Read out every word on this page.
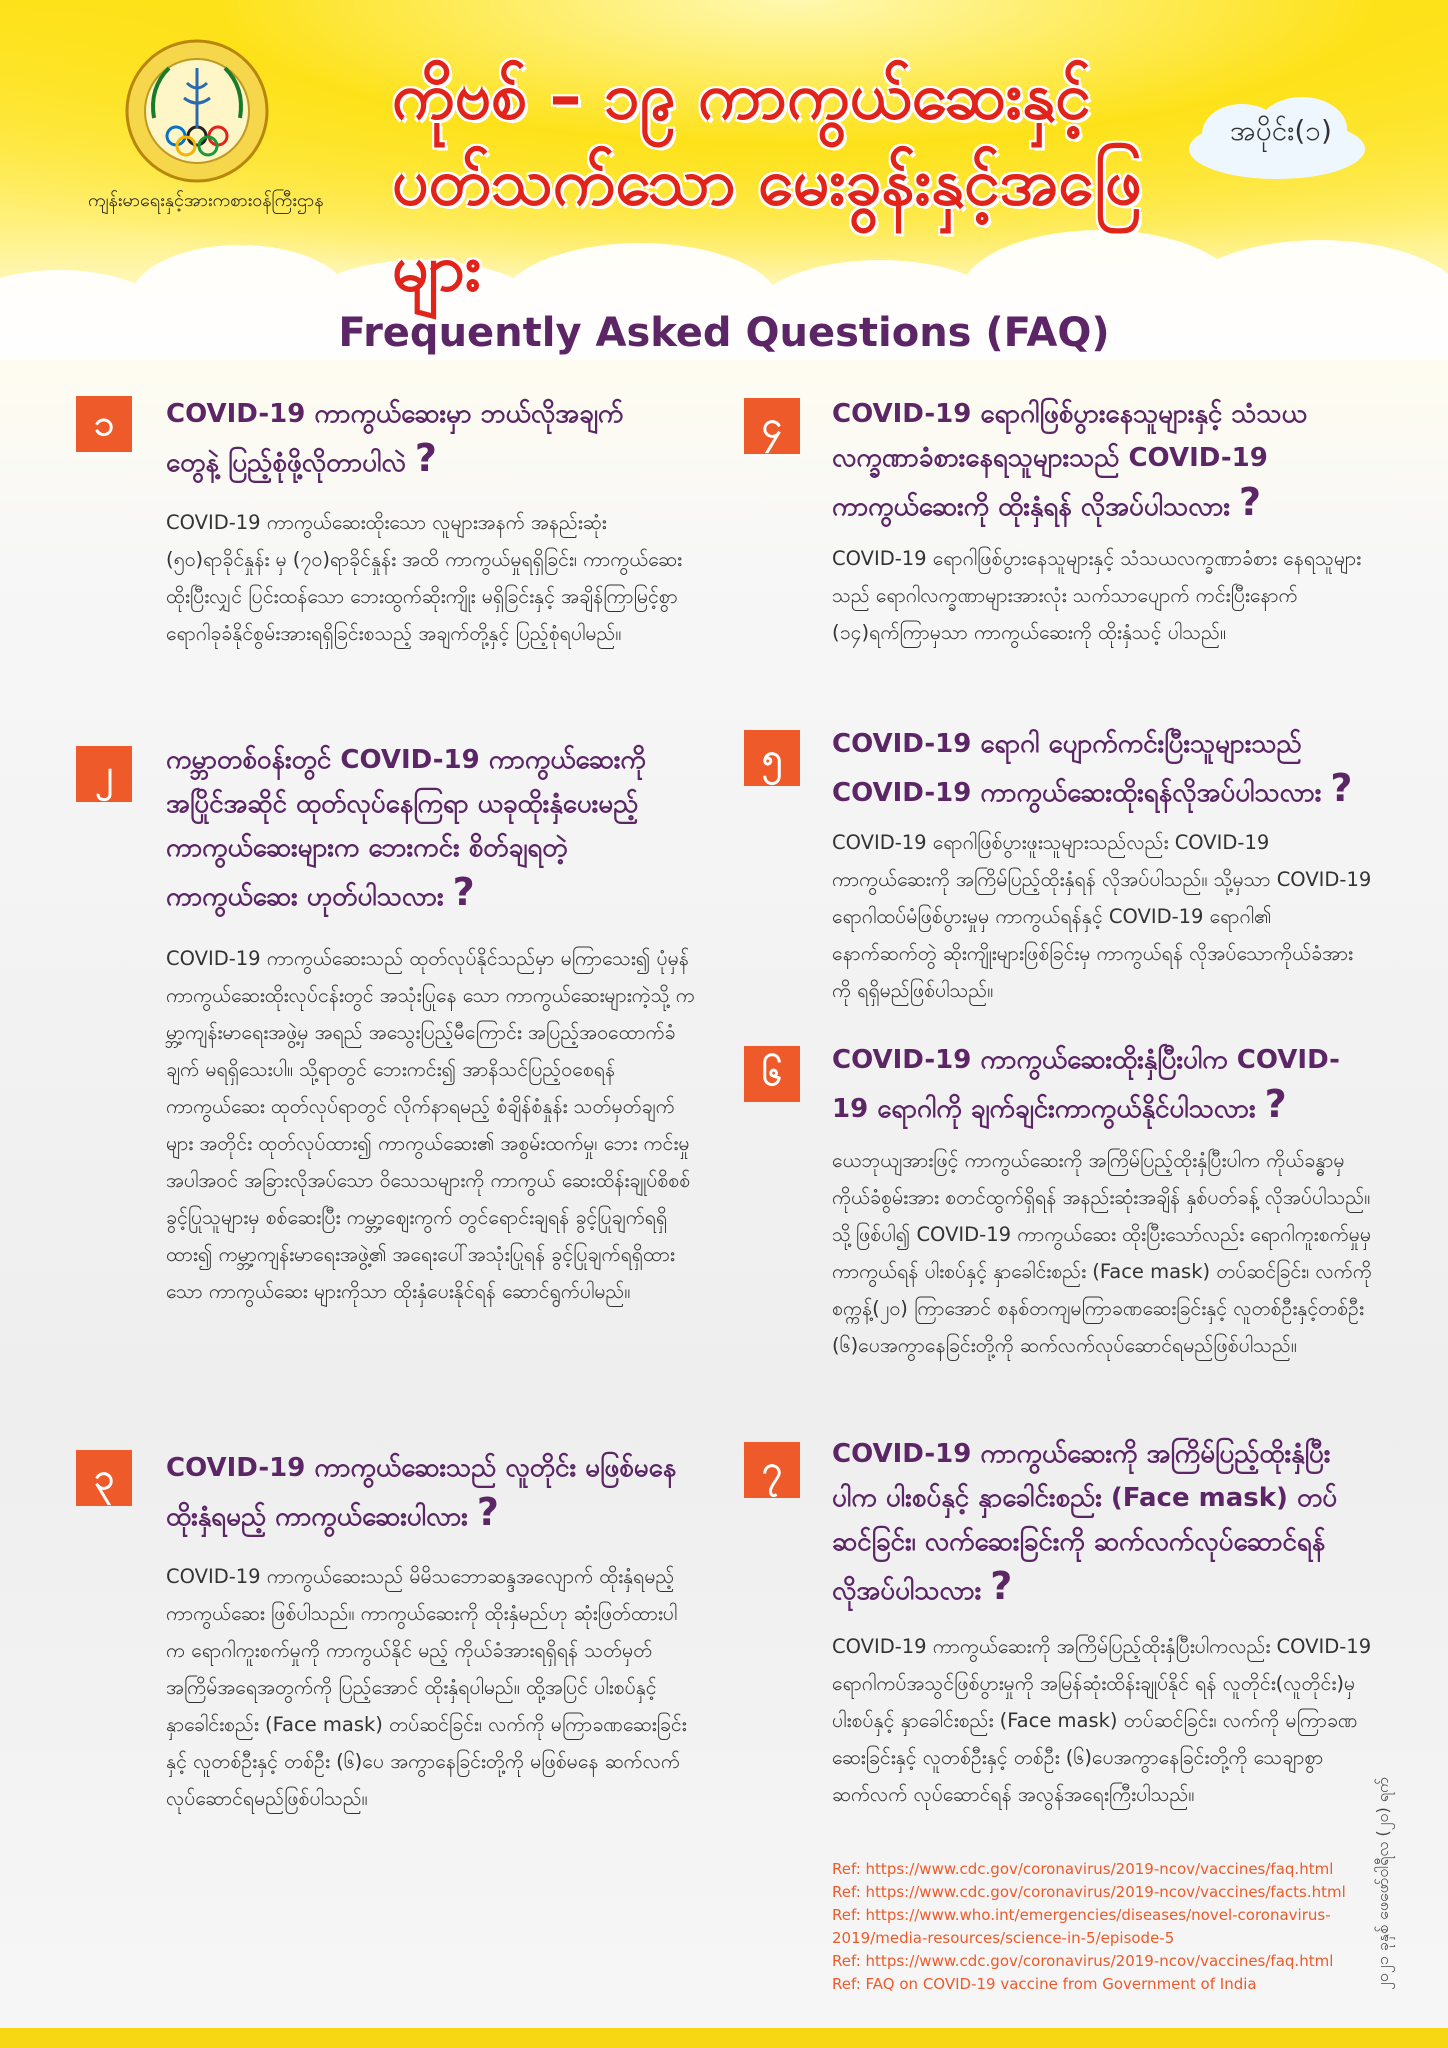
ကျန်းမာရေးနှင့်အားကစားဝန်ကြီးဌာန
ကိုဗစ် – ၁၉ ကာကွယ်ဆေးနှင့်
ပတ်သက်သော မေးခွန်းနှင့်အဖြေများ
အပိုင်း(၁)
Frequently Asked Questions (FAQ)
၁	COVID-19 ကာကွယ်ဆေးမှာ ဘယ်လိုအချက်တွေနဲ့ ပြည့်စုံဖို့လိုတာပါလဲ ?
COVID-19 ကာကွယ်ဆေးထိုးသော လူများအနက် အနည်းဆုံး (၅၀)ရာခိုင်နှုန်း မှ (၇၀)ရာခိုင်နှုန်း အထိ ကာကွယ်မှုရရှိခြင်း၊ ကာကွယ်ဆေးထိုးပြီးလျှင် ပြင်းထန်သော ဘေးထွက်ဆိုးကျိုး မရှိခြင်းနှင့် အချိန်ကြာမြင့်စွာ ရောဂါခုခံနိုင်စွမ်းအားရရှိခြင်းစသည့် အချက်တို့နှင့် ပြည့်စုံရပါမည်။
၂	ကမ္ဘာတစ်ဝန်းတွင် COVID-19 ကာကွယ်ဆေးကို အပြိုင်အဆိုင် ထုတ်လုပ်နေကြရာ ယခုထိုးနှံပေးမည့် ကာကွယ်ဆေးများက ဘေးကင်း စိတ်ချရတဲ့ ကာကွယ်ဆေး ဟုတ်ပါသလား ?
COVID-19 ကာကွယ်ဆေးသည် ထုတ်လုပ်နိုင်သည်မှာ မကြာသေး၍ ပုံမှန်ကာကွယ်ဆေးထိုးလုပ်ငန်းတွင် အသုံးပြုနေ သော ကာကွယ်ဆေးများကဲ့သို့ ကမ္ဘာ့ကျန်းမာရေးအဖွဲ့မှ အရည် အသွေးပြည့်မီကြောင်း အပြည့်အဝထောက်ခံချက် မရရှိသေးပါ။ သို့ရာတွင် ဘေးကင်း၍ အာနိသင်ပြည့်ဝစေရန် ကာကွယ်ဆေး ထုတ်လုပ်ရာတွင် လိုက်နာရမည့် စံချိန်စံနှုန်း သတ်မှတ်ချက်များ အတိုင်း ထုတ်လုပ်ထား၍ ကာကွယ်ဆေး၏ အစွမ်းထက်မှု၊ ဘေး ကင်းမှုအပါအဝင် အခြားလိုအပ်သော ဝိသေသများကို ကာကွယ် ဆေးထိန်းချုပ်စိစစ် ခွင့်ပြုသူများမှ စစ်ဆေးပြီး ကမ္ဘာ့ဈေးကွက် တွင်ရောင်းချရန် ခွင့်ပြုချက်ရရှိထား၍ ကမ္ဘာ့ကျန်းမာရေးအဖွဲ့၏ အရေးပေါ်အသုံးပြုရန် ခွင့်ပြုချက်ရရှိထားသော ကာကွယ်ဆေး များကိုသာ ထိုးနှံပေးနိုင်ရန် ဆောင်ရွက်ပါမည်။
၃	COVID-19 ကာကွယ်ဆေးသည် လူတိုင်း မဖြစ်မနေထိုးနှံရမည့် ကာကွယ်ဆေးပါလား ?
COVID-19 ကာကွယ်ဆေးသည် မိမိသဘောဆန္ဒအလျောက် ထိုးနှံရမည့် ကာကွယ်ဆေး ဖြစ်ပါသည်။ ကာကွယ်ဆေးကို ထိုးနှံမည်ဟု ဆုံးဖြတ်ထားပါက ရောဂါကူးစက်မှုကို ကာကွယ်နိုင် မည့် ကိုယ်ခံအားရရှိရန် သတ်မှတ်အကြိမ်အရေအတွက်ကို ပြည့်အောင် ထိုးနှံရပါမည်။ ထို့အပြင် ပါးစပ်နှင့်နှာခေါင်းစည်း (Face mask) တပ်ဆင်ခြင်း၊ လက်ကို မကြာခဏဆေးခြင်းနှင့် လူတစ်ဦးနှင့် တစ်ဦး (၆)ပေ အကွာနေခြင်းတို့ကို မဖြစ်မနေ ဆက်လက် လုပ်ဆောင်ရမည်ဖြစ်ပါသည်။
၄	COVID-19 ရောဂါဖြစ်ပွားနေသူများနှင့် သံသယ လက္ခဏာခံစားနေရသူများသည် COVID-19 ကာကွယ်ဆေးကို ထိုးနှံရန် လိုအပ်ပါသလား ?
COVID-19 ရောဂါဖြစ်ပွားနေသူများနှင့် သံသယလက္ခဏာခံစား နေရသူများသည် ရောဂါလက္ခဏာများအားလုံး သက်သာပျောက် ကင်းပြီးနောက် (၁၄)ရက်ကြာမှသာ ကာကွယ်ဆေးကို ထိုးနှံသင့် ပါသည်။
၅	COVID-19 ရောဂါ ပျောက်ကင်းပြီးသူများသည် COVID-19 ကာကွယ်ဆေးထိုးရန်လိုအပ်ပါသလား ?
COVID-19 ရောဂါဖြစ်ပွားဖူးသူများသည်လည်း COVID-19 ကာကွယ်ဆေးကို အကြိမ်ပြည့်ထိုးနှံရန် လိုအပ်ပါသည်။ သို့မှသာ COVID-19 ရောဂါထပ်မံဖြစ်ပွားမှုမှ ကာကွယ်ရန်နှင့် COVID-19 ရောဂါ၏ နောက်ဆက်တွဲ ဆိုးကျိုးများဖြစ်ခြင်းမှ ကာကွယ်ရန် လိုအပ်သောကိုယ်ခံအားကို ရရှိမည်ဖြစ်ပါသည်။
၆	COVID-19 ကာကွယ်ဆေးထိုးနှံပြီးပါက COVID-19 ရောဂါကို ချက်ချင်းကာကွယ်နိုင်ပါသလား ?
ယေဘုယျအားဖြင့် ကာကွယ်ဆေးကို အကြိမ်ပြည့်ထိုးနှံပြီးပါက ကိုယ်ခန္ဓာမှ ကိုယ်ခံစွမ်းအား စတင်ထွက်ရှိရန် အနည်းဆုံးအချိန် နှစ်ပတ်ခန့် လိုအပ်ပါသည်။ သို့ဖြစ်ပါ၍ COVID-19 ကာကွယ်ဆေး ထိုးပြီးသော်လည်း ရောဂါကူးစက်မှုမှ ကာကွယ်ရန် ပါးစပ်နှင့် နှာခေါင်းစည်း (Face mask) တပ်ဆင်ခြင်း၊ လက်ကို စက္ကန့်(၂၀) ကြာအောင် စနစ်တကျမကြာခဏဆေးခြင်းနှင့် လူတစ်ဦးနှင့်တစ်ဦး (၆)ပေအကွာနေခြင်းတို့ကို ဆက်လက်လုပ်ဆောင်ရမည်ဖြစ်ပါသည်။
၇	COVID-19 ကာကွယ်ဆေးကို အကြိမ်ပြည့်ထိုးနှံပြီး ပါက ပါးစပ်နှင့် နှာခေါင်းစည်း (Face mask) တပ် ဆင်ခြင်း၊ လက်ဆေးခြင်းကို ဆက်လက်လုပ်ဆောင်ရန် လိုအပ်ပါသလား ?
COVID-19 ကာကွယ်ဆေးကို အကြိမ်ပြည့်ထိုးနှံပြီးပါကလည်း COVID-19 ရောဂါကပ်အသွင်ဖြစ်ပွားမှုကို အမြန်ဆုံးထိန်းချုပ်နိုင် ရန် လူတိုင်း(လူတိုင်း)မှ ပါးစပ်နှင့် နှာခေါင်းစည်း (Face mask) တပ်ဆင်ခြင်း၊ လက်ကို မကြာခဏဆေးခြင်းနှင့် လူတစ်ဦးနှင့် တစ်ဦး (၆)ပေအကွာနေခြင်းတို့ကို သေချာစွာဆက်လက် လုပ်ဆောင်ရန် အလွန်အရေးကြီးပါသည်။
Ref: https://www.cdc.gov/coronavirus/2019-ncov/vaccines/faq.html
Ref: https://www.cdc.gov/coronavirus/2019-ncov/vaccines/facts.html
Ref: https://www.who.int/emergencies/diseases/novel-coronavirus-2019/media-resources/science-in-5/episode-5
Ref: https://www.cdc.gov/coronavirus/2019-ncov/vaccines/faq.html
Ref: FAQ on COVID-19 vaccine from Government of India	၂၀၂၁ ခုနှစ် ဖေဖော်ဝါရီလ (၂၀) ရက်
